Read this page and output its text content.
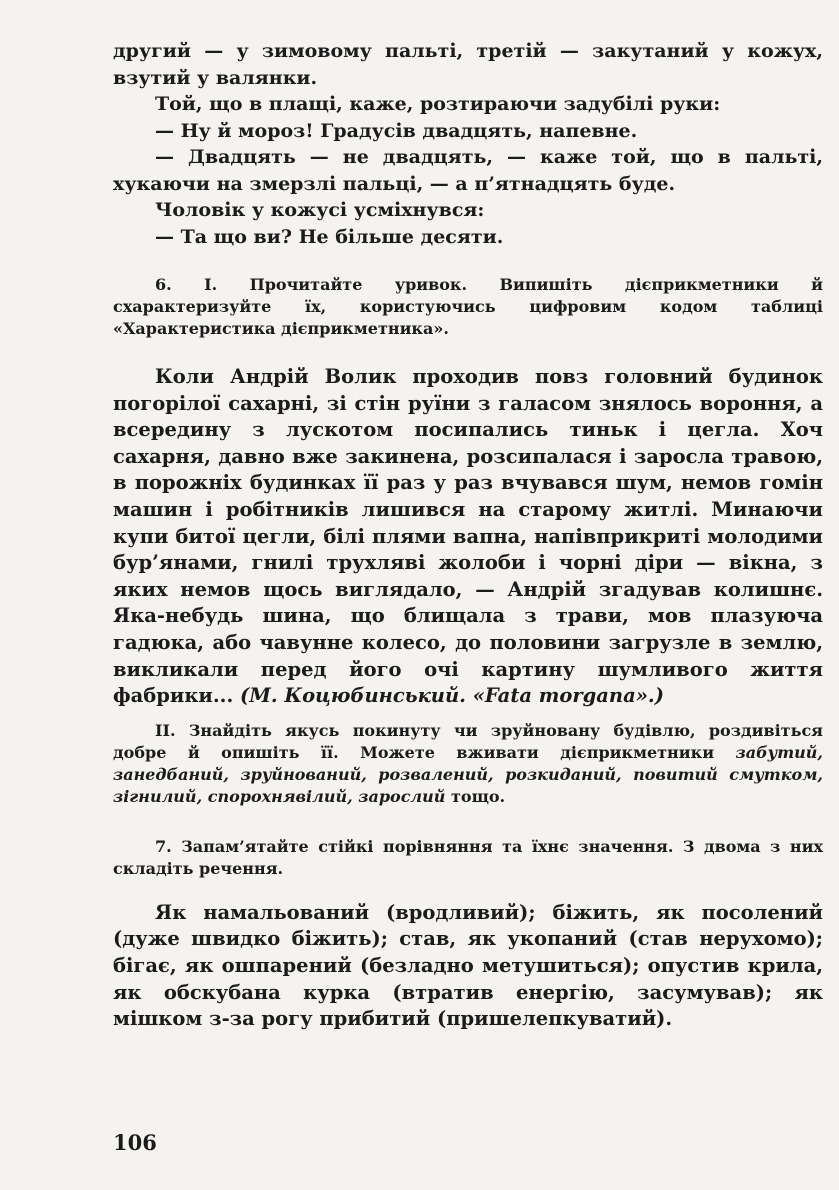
другий — у зимовому пальті, третій — закутаний у кожух, взутий у валянки.

Той, що в плащі, каже, розтираючи задубілі руки:

— Ну й мороз! Градусів двадцять, напевне.

— Двадцять — не двадцять, — каже той, що в пальті, хукаючи на змерзлі пальці, — а п’ятнадцять буде.

Чоловік у кожусі усміхнувся:

— Та що ви? Не більше десяти.

6. I. Прочитайте уривок. Випишіть дієприкметники й схарактеризуйте їх, користуючись цифровим кодом таблиці «Характеристика дієприкметника».

Коли Андрій Волик проходив повз головний будинок погорілої сахарні, зі стін руїни з галасом знялось вороння, а всередину з лускотом посипались тиньк і цегла. Хоч сахарня, давно вже закинена, розсипалася і заросла травою, в порожніх будинках її раз у раз вчувався шум, немов гомін машин і робітників лишився на старому житлі. Минаючи купи битої цегли, білі плями вапна, напівприкриті молодими бур’янами, гнилі трухляві жолоби і чорні діри — вікна, з яких немов щось виглядало, — Андрій згадував колишнє. Яка-небудь шина, що блищала з трави, мов плазуюча гадюка, або чавунне колесо, до половини загрузле в землю, викликали перед його очі картину шумливого життя фабрики... (М. Коцюбинський. «Fata morgana».)

II. Знайдіть якусь покинуту чи зруйновану будівлю, роздивіться добре й опишіть її. Можете вживати дієприкметники забутий, занедбаний, зруйнований, розвалений, розкиданий, повитий смутком, зігнилий, спорохнявілий, зарослий тощо.

7. Запам’ятайте стійкі порівняння та їхнє значення. З двома з них складіть речення.

Як намальований (вродливий); біжить, як посолений (дуже швидко біжить); став, як укопаний (став нерухомо); бігає, як ошпарений (безладно метушиться); опустив крила, як обскубана курка (втратив енергію, засумував); як мішком з-за рогу прибитий (пришелепкуватий).

106
